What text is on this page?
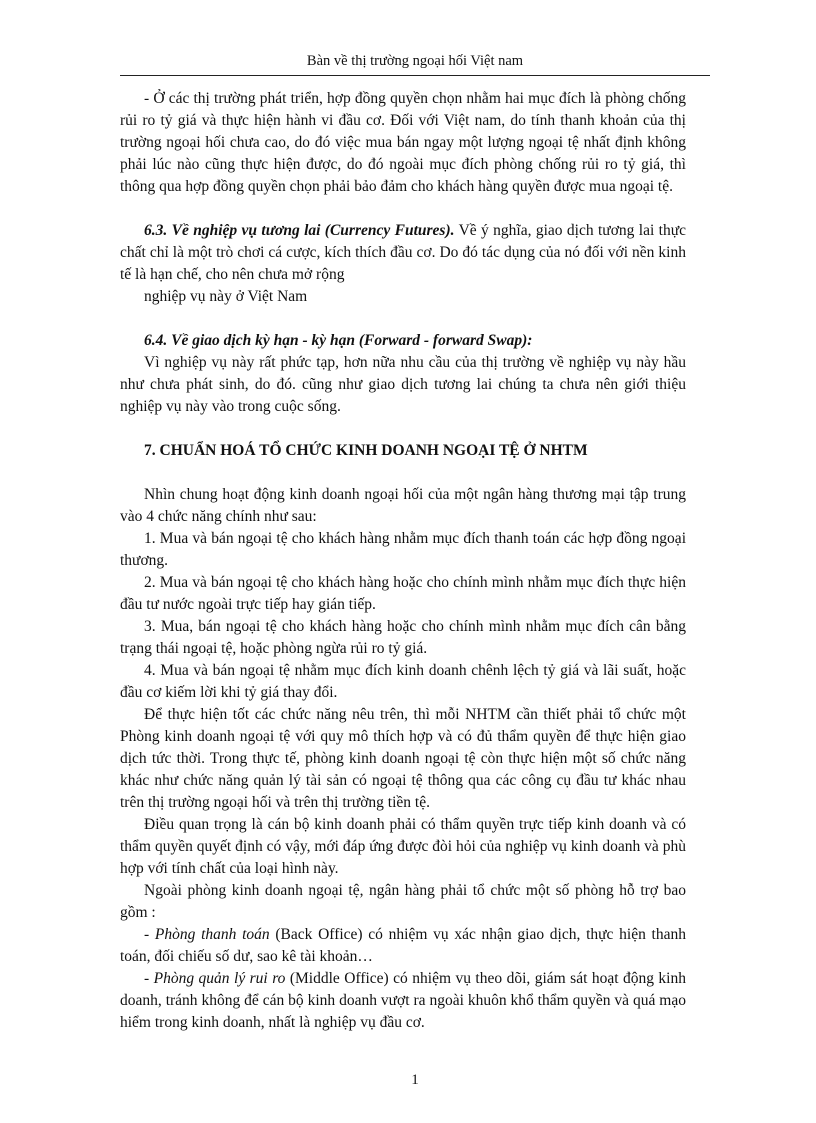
Bàn về thị trường ngoại hối Việt nam

- Ở các thị trường phát triển, hợp đồng quyền chọn nhằm hai mục đích là phòng chống rủi ro tỷ giá và thực hiện hành vi đầu cơ. Đối với Việt nam, do tính thanh khoản của thị trường ngoại hối chưa cao, do đó việc mua bán ngay một lượng ngoại tệ nhất định không phải lúc nào cũng thực hiện được, do đó ngoài mục đích phòng chống rủi ro tỷ giá, thì thông qua hợp đồng quyền chọn phải bảo đảm cho khách hàng quyền được mua ngoại tệ.

6.3. Về nghiệp vụ tương lai (Currency Futures). Về ý nghĩa, giao dịch tương lai thực chất chỉ là một trò chơi cá cược, kích thích đầu cơ. Do đó tác dụng của nó đối với nền kinh tế là hạn chế, cho nên chưa mở rộng

nghiệp vụ này ở Việt Nam

6.4. Về giao dịch kỳ hạn - kỳ hạn (Forward - forward Swap):

Vì nghiệp vụ này rất phức tạp, hơn nữa nhu cầu của thị trường về nghiệp vụ này hầu như chưa phát sinh, do đó. cũng như giao dịch tương lai chúng ta chưa nên giới thiệu nghiệp vụ này vào trong cuộc sống.

7. CHUẨN HOÁ TỔ CHỨC KINH DOANH NGOẠI TỆ Ở NHTM

Nhìn chung hoạt động kinh doanh ngoại hối của một ngân hàng thương mại tập trung vào 4 chức năng chính như sau:

1. Mua và bán ngoại tệ cho khách hàng nhằm mục đích thanh toán các hợp đồng ngoại thương.

2. Mua và bán ngoại tệ cho khách hàng hoặc cho chính mình nhằm mục đích thực hiện đầu tư nước ngoài trực tiếp hay gián tiếp.

3. Mua, bán ngoại tệ cho khách hàng hoặc cho chính mình nhằm mục đích cân bằng trạng thái ngoại tệ, hoặc phòng ngừa rủi ro tỷ giá.

4. Mua và bán ngoại tệ nhằm mục đích kinh doanh chênh lệch tỷ giá và lãi suất, hoặc đầu cơ kiếm lời khi tỷ giá thay đổi.

Để thực hiện tốt các chức năng nêu trên, thì mỗi NHTM cần thiết phải tổ chức một Phòng kinh doanh ngoại tệ với quy mô thích hợp và có đủ thẩm quyền để thực hiện giao dịch tức thời. Trong thực tế, phòng kinh doanh ngoại tệ còn thực hiện một số chức năng khác như chức năng quản lý tài sản có ngoại tệ thông qua các công cụ đầu tư khác nhau trên thị trường ngoại hối và trên thị trường tiền tệ.

Điều quan trọng là cán bộ kinh doanh phải có thẩm quyền trực tiếp kinh doanh và có thẩm quyền quyết định có vậy, mới đáp ứng được đòi hỏi của nghiệp vụ kinh doanh và phù hợp với tính chất của loại hình này.

Ngoài phòng kinh doanh ngoại tệ, ngân hàng phải tổ chức một số phòng hỗ trợ bao gồm :

- Phòng thanh toán (Back Office) có nhiệm vụ xác nhận giao dịch, thực hiện thanh toán, đối chiếu số dư, sao kê tài khoản…

- Phòng quản lý rui ro (Middle Office) có nhiệm vụ theo dõi, giám sát hoạt động kinh doanh, tránh không để cán bộ kinh doanh vượt ra ngoài khuôn khổ thẩm quyền và quá mạo hiểm trong kinh doanh, nhất là nghiệp vụ đầu cơ.

1
